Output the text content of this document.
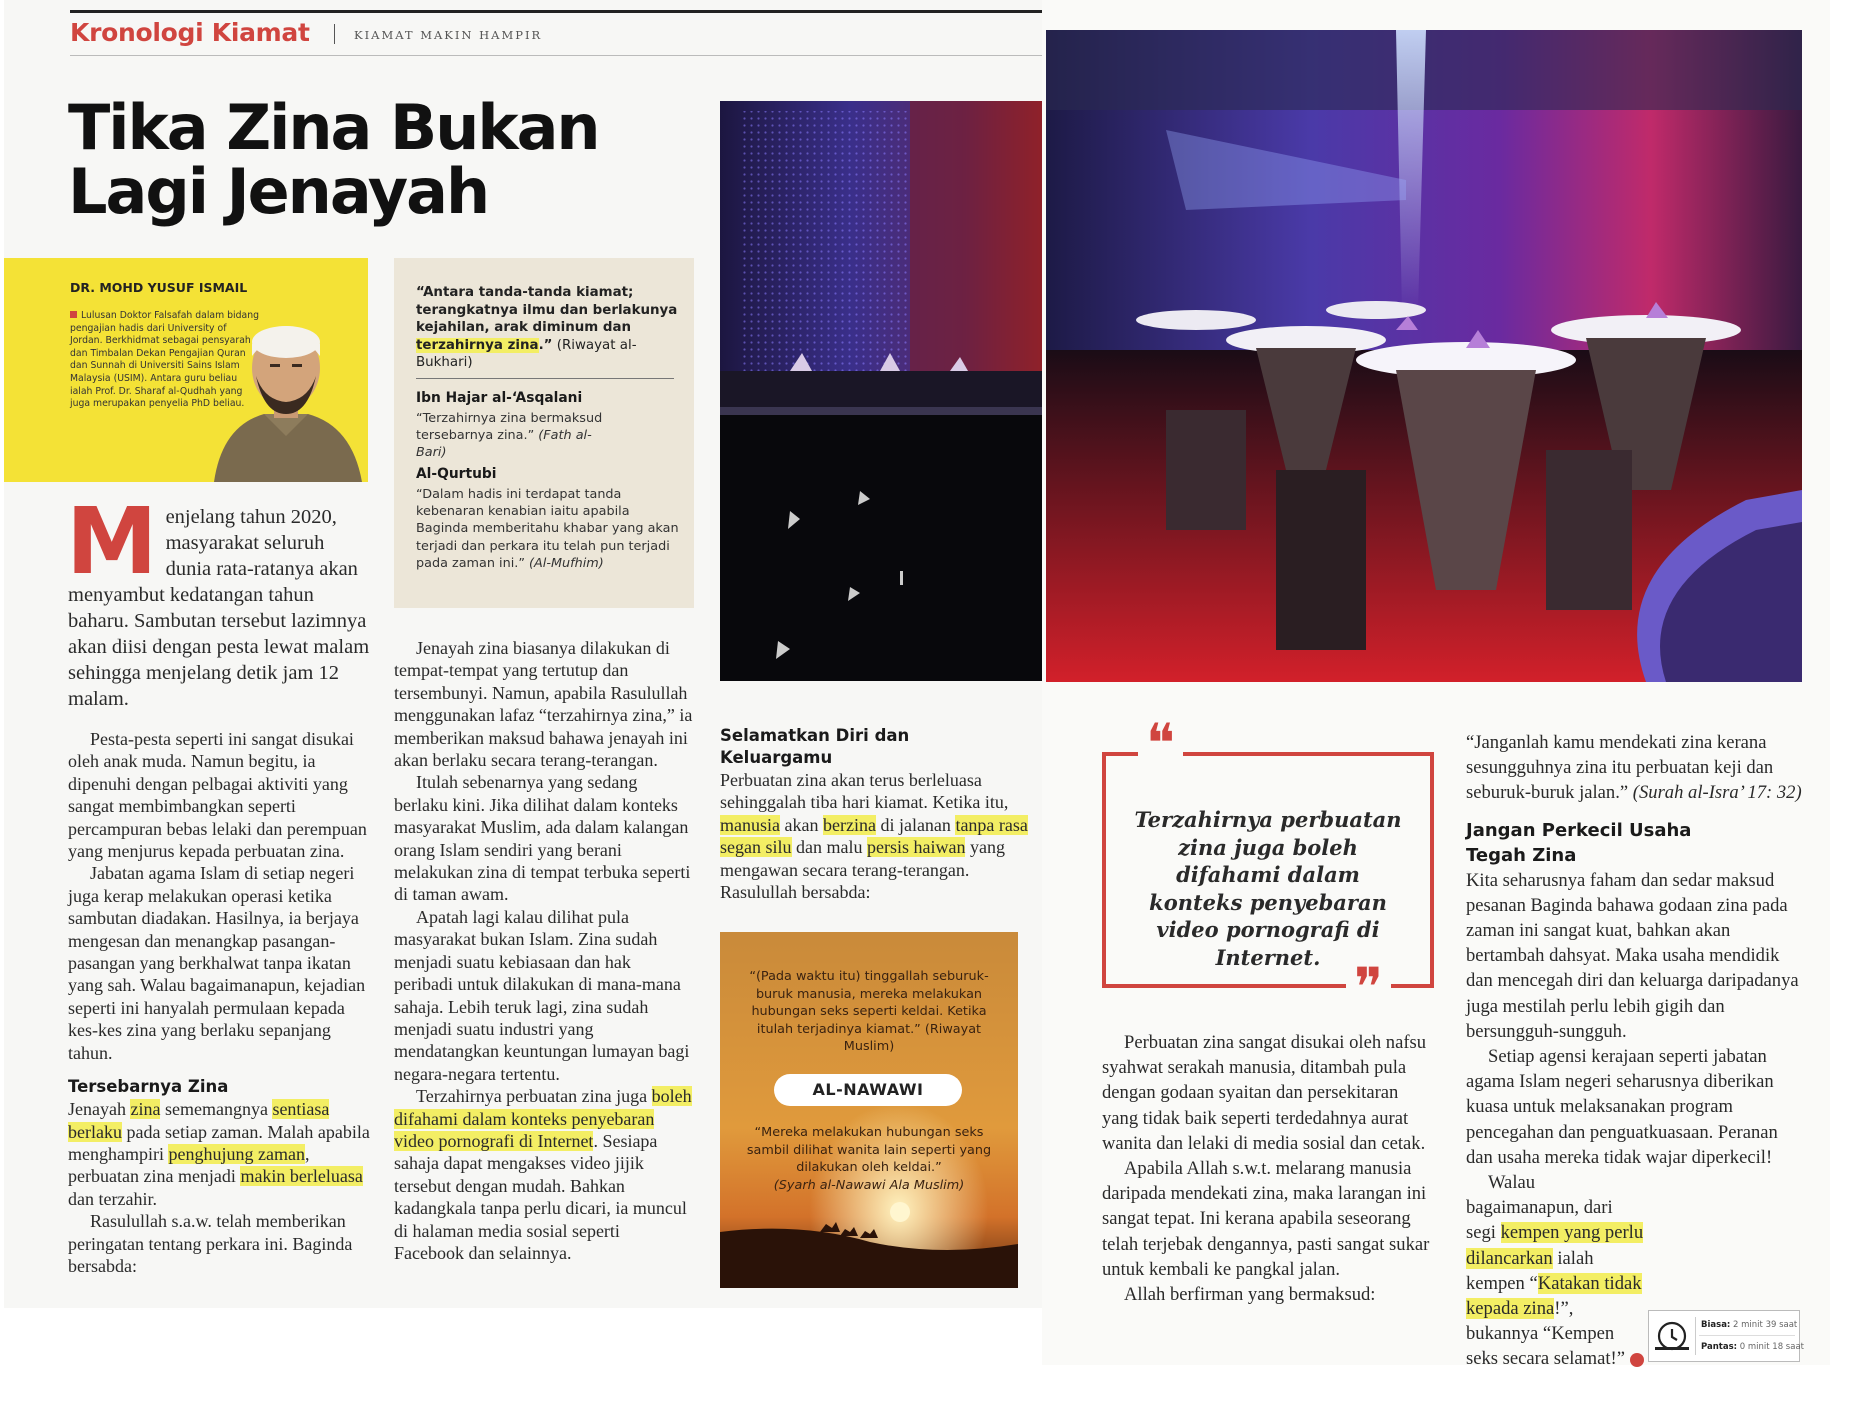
Kronologi Kiamat	KIAMAT MAKIN HAMPIR
Tika Zina Bukan
Lagi Jenayah
DR. MOHD YUSUF ISMAIL
Lulusan Doktor Falsafah dalam bidang pengajian hadis dari University of Jordan. Berkhidmat sebagai pensyarah dan Timbalan Dekan Pengajian Quran dan Sunnah di Universiti Sains Islam Malaysia (USIM). Antara guru beliau ialah Prof. Dr. Sharaf al-Qudhah yang juga merupakan penyelia PhD beliau.
“Antara tanda-tanda kiamat; terangkatnya ilmu dan berlakunya kejahilan, arak diminum dan terzahirnya zina.” (Riwayat al-Bukhari)
Ibn Hajar al-‘Asqalani
“Terzahirnya zina bermaksud tersebarnya zina.” (Fath al-Bari)
Al-Qurtubi
“Dalam hadis ini terdapat tanda kebenaran kenabian iaitu apabila Baginda memberitahu khabar yang akan terjadi dan perkara itu telah pun terjadi pada zaman ini.” (Al-Mufhim)
M enjelang tahun 2020, masyarakat seluruh dunia rata-ratanya akan menyambut kedatangan tahun baharu. Sambutan tersebut lazimnya akan diisi dengan pesta lewat malam sehingga menjelang detik jam 12 malam.

Pesta-pesta seperti ini sangat disukai oleh anak muda. Namun begitu, ia dipenuhi dengan pelbagai aktiviti yang sangat membimbangkan seperti percampuran bebas lelaki dan perempuan yang menjurus kepada perbuatan zina.

Jabatan agama Islam di setiap negeri juga kerap melakukan operasi ketika sambutan diadakan. Hasilnya, ia berjaya mengesan dan menangkap pasangan-pasangan yang berkhalwat tanpa ikatan yang sah. Walau bagaimanapun, kejadian seperti ini hanyalah permulaan kepada kes-kes zina yang berlaku sepanjang tahun.

Tersebarnya Zina

Jenayah zina sememangnya sentiasa berlaku pada setiap zaman. Malah apabila menghampiri penghujung zaman, perbuatan zina menjadi makin berleluasa dan terzahir.

Rasulullah s.a.w. telah memberikan peringatan tentang perkara ini. Baginda bersabda:

Jenayah zina biasanya dilakukan di tempat-tempat yang tertutup dan tersembunyi. Namun, apabila Rasulullah menggunakan lafaz “terzahirnya zina,” ia memberikan maksud bahawa jenayah ini akan berlaku secara terang-terangan.

Itulah sebenarnya yang sedang berlaku kini. Jika dilihat dalam konteks masyarakat Muslim, ada dalam kalangan orang Islam sendiri yang berani melakukan zina di tempat terbuka seperti di taman awam.

Apatah lagi kalau dilihat pula masyarakat bukan Islam. Zina sudah menjadi suatu kebiasaan dan hak peribadi untuk dilakukan di mana-mana sahaja. Lebih teruk lagi, zina sudah menjadi suatu industri yang mendatangkan keuntungan lumayan bagi negara-negara tertentu.

Terzahirnya perbuatan zina juga boleh difahami dalam konteks penyebaran video pornografi di Internet. Sesiapa sahaja dapat mengakses video jijik tersebut dengan mudah. Bahkan kadangkala tanpa perlu dicari, ia muncul di halaman media sosial seperti Facebook dan selainnya.

Selamatkan Diri dan
Keluargamu

Perbuatan zina akan terus berleluasa sehinggalah tiba hari kiamat. Ketika itu, manusia akan berzina di jalanan tanpa rasa segan silu dan malu persis haiwan yang mengawan secara terang-terangan. Rasulullah bersabda:

“(Pada waktu itu) tinggallah seburuk-buruk manusia, mereka melakukan hubungan seks seperti keldai. Ketika itulah terjadinya kiamat.” (Riwayat Muslim)
AL-NAWAWI
“Mereka melakukan hubungan seks sambil dilihat wanita lain seperti yang dilakukan oleh keldai.”
(Syarh al-Nawawi Ala Muslim)
❝
Terzahirnya perbuatan zina juga boleh difahami dalam konteks penyebaran video pornografi di Internet. ❞

Perbuatan zina sangat disukai oleh nafsu syahwat serakah manusia, ditambah pula dengan godaan syaitan dan persekitaran yang tidak baik seperti terdedahnya aurat wanita dan lelaki di media sosial dan cetak.

Apabila Allah s.w.t. melarang manusia daripada mendekati zina, maka larangan ini sangat tepat. Ini kerana apabila seseorang telah terjebak dengannya, pasti sangat sukar untuk kembali ke pangkal jalan.

Allah berfirman yang bermaksud:

“Janganlah kamu mendekati zina kerana sesungguhnya zina itu perbuatan keji dan seburuk-buruk jalan.” (Surah al-Isra’ 17: 32)

Jangan Perkecil Usaha
Tegah Zina

Kita seharusnya faham dan sedar maksud pesanan Baginda bahawa godaan zina pada zaman ini sangat kuat, bahkan akan bertambah dahsyat. Maka usaha mendidik dan mencegah diri dan keluarga daripadanya juga mestilah perlu lebih gigih dan bersungguh-sungguh.

Setiap agensi kerajaan seperti jabatan agama Islam negeri seharusnya diberikan kuasa untuk melaksanakan program pencegahan dan penguatkuasaan. Peranan dan usaha mereka tidak wajar diperkecil!

Walau bagaimanapun, dari segi kempen yang perlu dilancarkan ialah kempen “Katakan tidak kepada zina!”, bukannya “Kempen seks secara selamat!”

Biasa: 2 minit 39 saat
Pantas: 0 minit 18 saat
